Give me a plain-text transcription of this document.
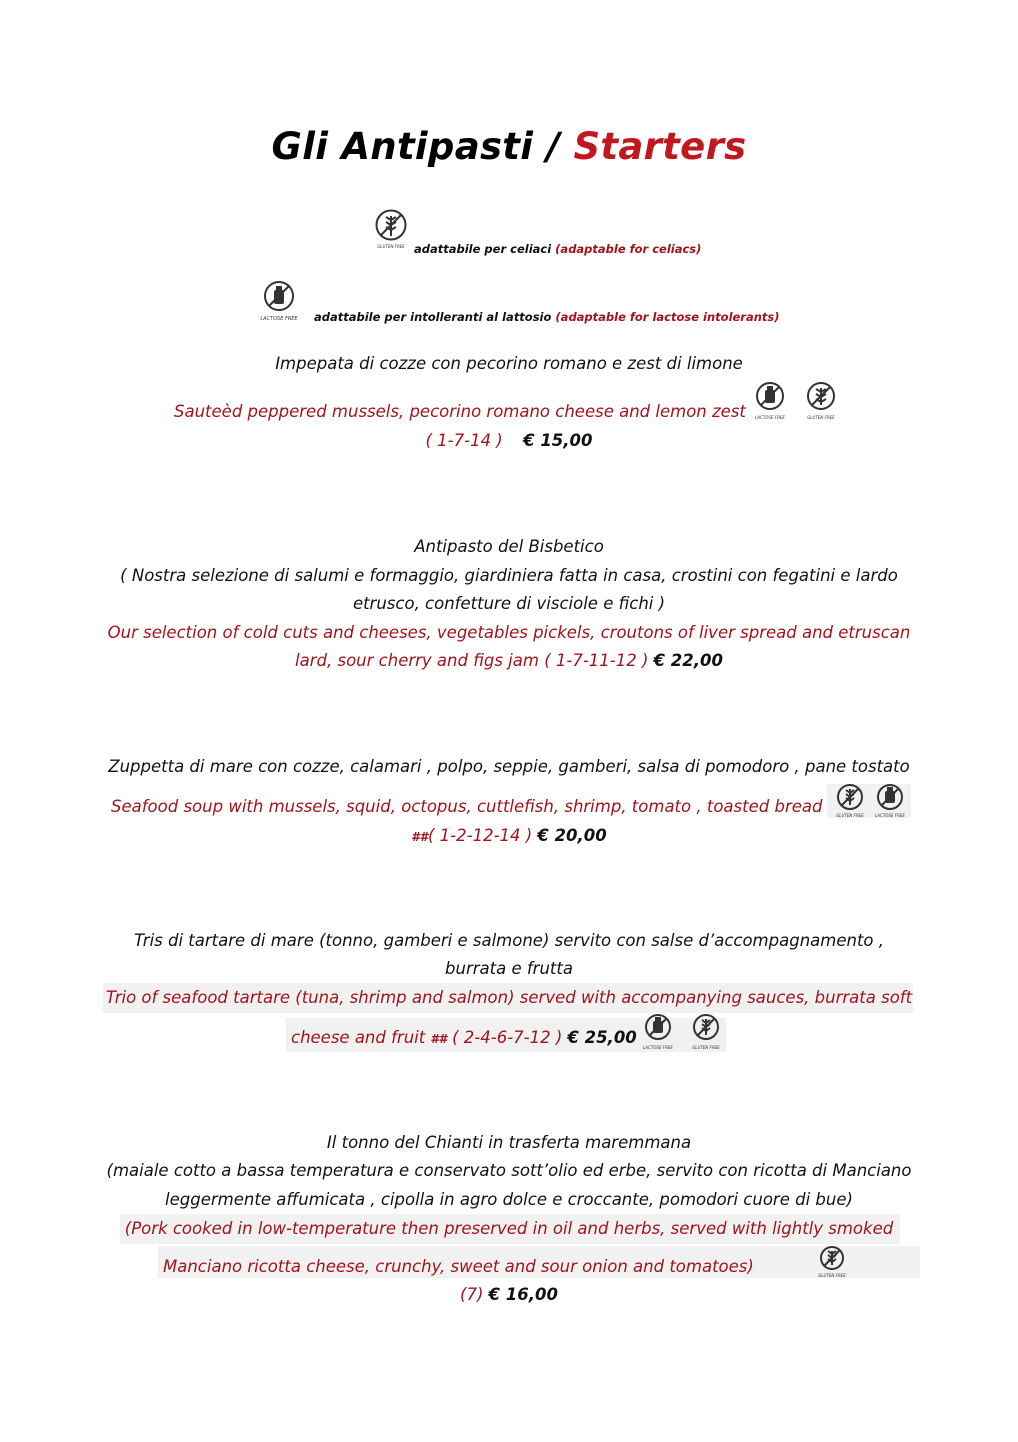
Gli Antipasti / Starters
GLUTEN FREE adattabile per celiaci (adaptable for celiacs)
LACTOSE FREE adattabile per intolleranti al lattosio (adaptable for lactose intolerants)
Impepata di cozze con pecorino romano e zest di limone
Sauteèd peppered mussels, pecorino romano cheese and lemon zest LACTOSE FREE	GLUTEN FREE
( 1-7-14 ) € 15,00
Antipasto del Bisbetico
( Nostra selezione di salumi e formaggio, giardiniera fatta in casa, crostini con fegatini e lardo
etrusco, confetture di visciole e fichi )
Our selection of cold cuts and cheeses, vegetables pickels, croutons of liver spread and etruscan
lard, sour cherry and figs jam ( 1-7-11-12 ) € 22,00
Zuppetta di mare con cozze, calamari , polpo, seppie, gamberi, salsa di pomodoro , pane tostato
Seafood soup with mussels, squid, octopus, cuttlefish, shrimp, tomato , toasted bread	GLUTEN FREE	LACTOSE FREE
##( 1-2-12-14 ) € 20,00
Tris di tartare di mare (tonno, gamberi e salmone) servito con salse d’accompagnamento ,
burrata e frutta
Trio of seafood tartare (tuna, shrimp and salmon) served with accompanying sauces, burrata soft
cheese and fruit ## ( 2-4-6-7-12 ) € 25,00
LACTOSE FREE	GLUTEN FREE
Il tonno del Chianti in trasferta maremmana
(maiale cotto a bassa temperatura e conservato sott’olio ed erbe, servito con ricotta di Manciano
leggermente affumicata , cipolla in agro dolce e croccante, pomodori cuore di bue)
(Pork cooked in low-temperature then preserved in oil and herbs, served with lightly smoked
Manciano ricotta cheese, crunchy, sweet and sour onion and tomatoes)	GLUTEN FREE
(7) € 16,00
